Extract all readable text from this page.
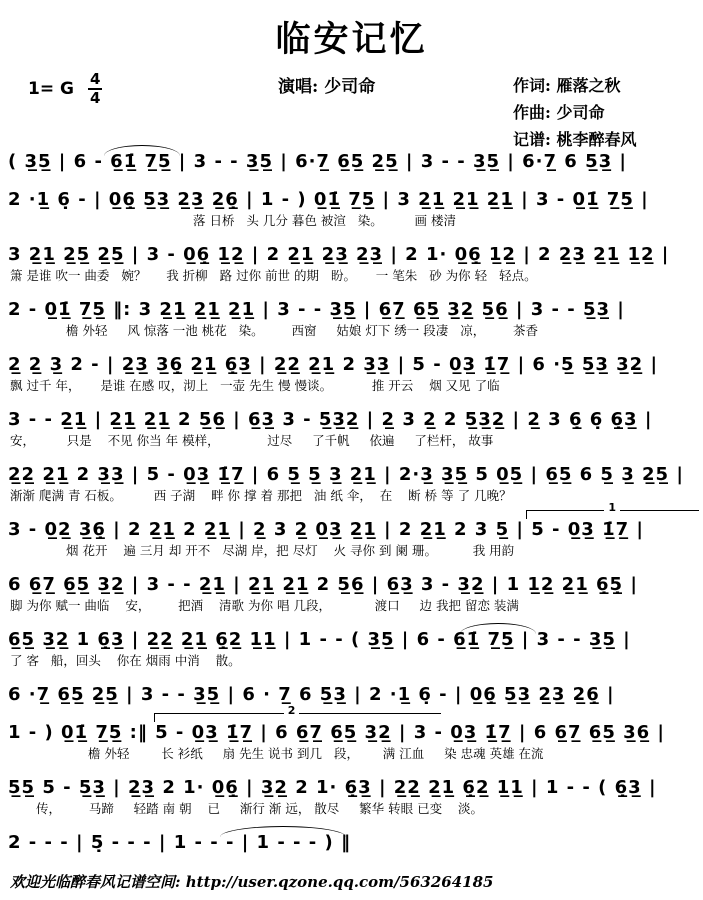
临安记忆
1= G $\frac{4}{4}$	演唱: 少司命	作词: 雁落之秋
作曲: 少司命
记谱: 桃李醉春风
( 3̲5̲ | 6 - 6̲1̲̇ 7̲5̲ | 3 - - 3̲5̲ | 6·7̲ 6̲5̲ 2̲5̲ | 3 - - 3̲5̲ | 6·7̲ 6 5̲3̲ |
2 ·1̲ 6̣ - | 0̲6̣̲ 5̲3̲ 2̲3̲ 2̲6̣̲ | 1 - ) 0̲1̲̇ 7̲5̲ | 3 2̲1̲ 2̲1̲ 2̲1̲ | 3 - 0̲1̲̇ 7̲5̲ |
落 日桥   头 几分 暮色 被渲   染。        画 楼清
3 2̲1̲ 2̲5̲ 2̲5̲ | 3 - 0̲6̣̲ 1̲2̲ | 2 2̲1̲ 2̲3̲ 2̲3̲ | 2 1· 0̲6̣̲ 1̲2̲ | 2 2̲3̲ 2̲1̲ 1̲2̲ |
箫 是谁 吹一 曲委   婉？     我 折柳   路 过你 前世 的期   盼。     一 笔朱   砂 为你 轻   轻点。
2 - 0̲1̲̇ 7̲5̲ ‖: 3 2̲1̲ 2̲1̲ 2̲1̲ | 3 - - 3̲5̲ | 6̲7̲ 6̲5̲ 3̲2̲ 5̲6̲ | 3 - - 5̲3̲ |
檐 外轻     风 惊落 一池 桃花   染。       西窗     姑娘 灯下 绣一 段凄   凉，       茶香
2̲ 2̲ 3̲ 2 - | 2̲3̲ 3̲6̣̲ 2̲1̲ 6̣̲3̲ | 2̲2̲ 2̲1̲ 2 3̲3̲ | 5 - 0̲3̲ 1̲̇7̲ | 6 ·5̲ 5̲3̲ 3̲2̲ |
飘 过千 年，     是谁 在感 叹，沏上   一壶 先生 慢 慢谈。          推 开云    烟 又见 了临
3 - - 2̲1̲ | 2̲1̲ 2̲1̲ 2 5̲6̲ | 6̲3̲ 3 - 5̲3̲2̲ | 2̲ 3 2̲ 2 5̲3̲2̲ | 2̲ 3 6̣̲ 6̣ 6̣̲3̲ |
安，        只是    不见 你当 年 模样，            过尽     了千帆     依遍     了栏杆， 故事
2̲2̲ 2̲1̲ 2 3̲3̲ | 5 - 0̲3̲ 1̲̇7̲ | 6 5̲ 5̲ 3̲ 2̲1̲ | 2·3̲ 3̲5̲ 5 0̲5̲ | 6̲5̲ 6 5̲ 3̲ 2̲5̲ |
渐渐 爬满 青 石板。        西 子湖    畔 你 撑 着 那把   油 纸 伞，  在    断 桥 等 了 几晚？
1
3 - 0̲2̲ 3̲6̣̲ | 2 2̲1̲ 2 2̲1̲ | 2̲ 3 2̲ 0̲3̲ 2̲1̲ | 2 2̲1̲ 2 3 5̲ | 5 - 0̲3̲ 1̲̇7̲ |
烟 花开    遍 三月 却 开不   尽湖 岸，把 尽灯    火 寻你 到 阑 珊。         我 用韵
6 6̲7̲ 6̲5̲ 3̲2̲ | 3 - - 2̲1̲ | 2̲1̲ 2̲1̲ 2 5̲6̲ | 6̲3̲ 3 - 3̲2̲ | 1 1̲2̲ 2̲1̲ 6̣̲5̣̲ |
脚 为你 赋一 曲临    安，       把酒    清歌 为你 唱 几段，           渡口     边 我把 留恋 装满
6̲5̲ 3̲2̲ 1 6̣̲3̲ | 2̲2̲ 2̲1̲ 6̣̲2̲ 1̲1̲ | 1 - - ( 3̲5̲ | 6 - 6̲1̲̇ 7̲5̲ | 3 - - 3̲5̲ |
了 客   船，回头    你在 烟雨 中消    散。
6 ·7̲ 6̲5̲ 2̲5̲ | 3 - - 3̲5̲ | 6 · 7̲ 6 5̲3̲ | 2 ·1̲ 6̣ - | 0̲6̣̲ 5̲3̲ 2̲3̲ 2̲6̣̲ |
2
1 - ) 0̲1̲̇ 7̲5̲ :‖ 5 - 0̲3̲ 1̲̇7̲ | 6 6̲7̲ 6̲5̲ 3̲2̲ | 3 - 0̲3̲ 1̲̇7̲ | 6 6̲7̲ 6̲5̲ 3̲6̲ |
檐 外轻        长 衫纸     扇 先生 说书 到几   段，      满 江血     染 忠魂 英雄 在流
5̲5̲ 5 - 5̲3̲ | 2̲3̲ 2 1· 0̲6̣̲ | 3̲2̲ 2 1· 6̣̲3̲ | 2̲2̲ 2̲1̲ 6̣̲2̲ 1̲1̲ | 1 - - ( 6̣̲3̲ |
传，       马蹄     轻踏 南 朝    已     渐行 渐 远， 散尽     繁华 转眼 已变    淡。
2 - - - | 5̣ - - - | 1 - - - | 1 - - - ) ‖
欢迎光临醉春风记谱空间: http://user.qzone.qq.com/563264185
